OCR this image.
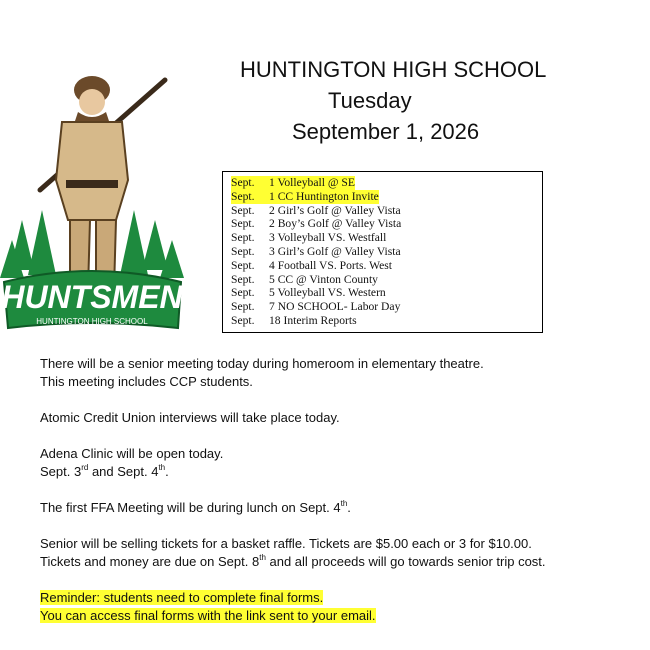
HUNTSMEN
HUNTINGTON HIGH SCHOOL
HUNTINGTON HIGH SCHOOL
Tuesday
September 1, 2026
Sept. 1 Volleyball @ SE
Sept. 1 CC Huntington Invite
Sept. 2 Girl’s Golf @ Valley Vista
Sept. 2 Boy’s Golf @ Valley Vista
Sept. 3 Volleyball VS. Westfall
Sept. 3 Girl’s Golf @ Valley Vista
Sept. 4 Football VS. Ports. West
Sept. 5 CC @ Vinton County
Sept. 5 Volleyball VS. Western
Sept. 7 NO SCHOOL- Labor Day
Sept. 18 Interim Reports

There will be a senior meeting today during homeroom in elementary theatre.

This meeting includes CCP students.

Atomic Credit Union interviews will take place today.

Adena Clinic will be open today.

Sept. 3rd and Sept. 4th.

The first FFA Meeting will be during lunch on Sept. 4th.

Senior will be selling tickets for a basket raffle. Tickets are $5.00 each or 3 for $10.00.

Tickets and money are due on Sept. 8th and all proceeds will go towards senior trip cost.

Reminder: students need to complete final forms.

You can access final forms with the link sent to your email.
